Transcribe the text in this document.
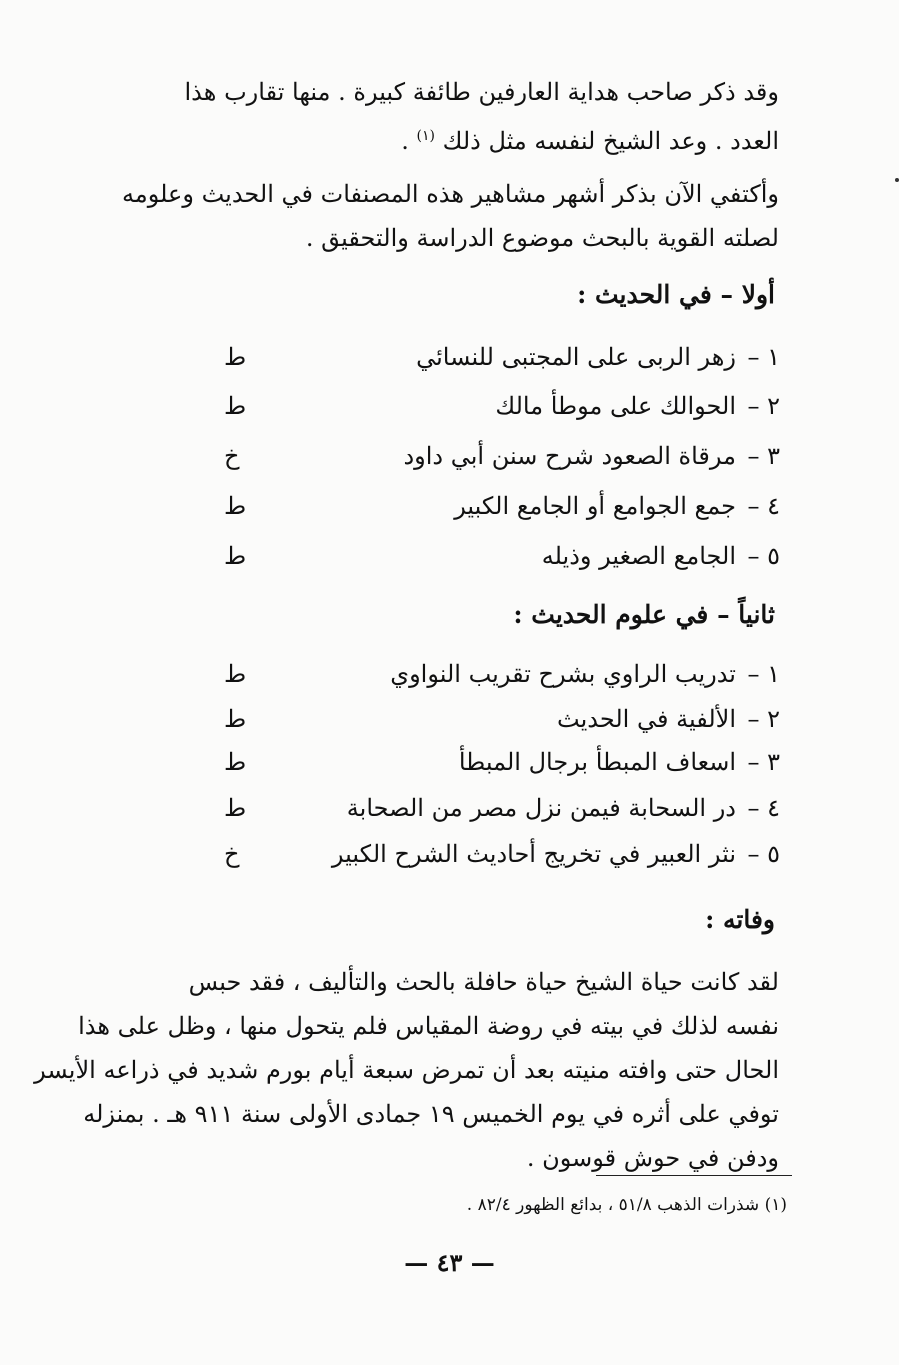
وقد ذكر صاحب هداية العارفين طائفة كبيرة . منها تقارب هذا
العدد . وعد الشيخ لنفسه مثل ذلك $^{(١)}$ .
وأكتفي الآن بذكر أشهر مشاهير هذه المصنفات في الحديث وعلومه
لصلته القوية بالبحث موضوع الدراسة والتحقيق .
أولا – في الحديث :
١ –
زهر الربى على المجتبى للنسائي
ط
٢ –
الحوالك على موطأ مالك
ط
٣ –
مرقاة الصعود شرح سنن أبي داود
خ
٤ –
جمع الجوامع أو الجامع الكبير
ط
٥ –
الجامع الصغير وذيله
ط
ثانياً – في علوم الحديث :
١ –
تدريب الراوي بشرح تقريب النواوي
ط
٢ –
الألفية في الحديث
ط
٣ –
اسعاف المبطأ برجال المبطأ
ط
٤ –
در السحابة فيمن نزل مصر من الصحابة
ط
٥ –
نثر العبير في تخريج أحاديث الشرح الكبير
خ
وفاته :
لقد كانت حياة الشيخ حياة حافلة بالحث والتأليف ، فقد حبس
نفسه لذلك في بيته في روضة المقياس فلم يتحول منها ، وظل على هذا
الحال حتى وافته منيته بعد أن تمرض سبعة أيام بورم شديد في ذراعه الأيسر
توفي على أثره في يوم الخميس ١٩ جمادى الأولى سنة ٩١١ هـ . بمنزله
ودفن في حوش قوسون .
(١) شذرات الذهب ٥١/٨ ، بدائع الظهور ٨٢/٤ .
— ٤٣ —
